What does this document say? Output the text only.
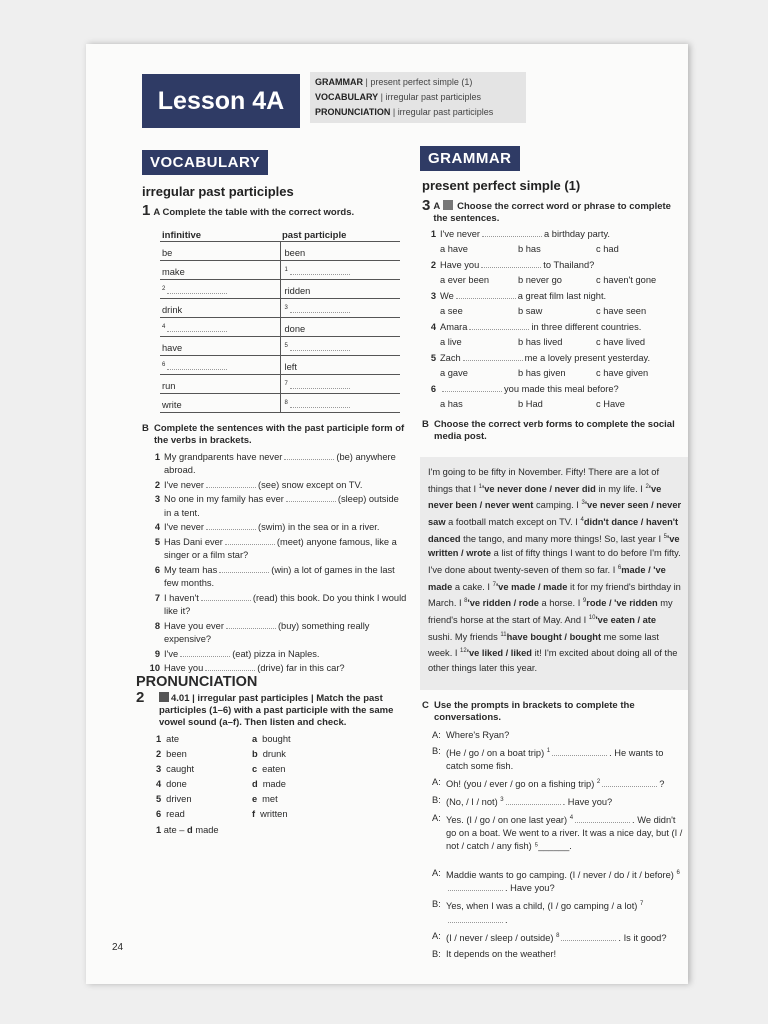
Lesson 4A
GRAMMAR | present perfect simple (1)
VOCABULARY | irregular past participles
PRONUNCIATION | irregular past participles
VOCABULARY
irregular past participles
1 A Complete the table with the correct words.
infinitive	past participle
be	been
make	$^1$
$^2$	ridden
drink	$^3$
$^4$	done
have	$^5$
$^6$	left
run	$^7$
write	$^8$
B Complete the sentences with the past participle form of the verbs in brackets.
1 My grandparents have never	(be) anywhere abroad.
2 I've never	(see) snow except on TV.
3 No one in my family has ever	(sleep) outside in a tent.
4 I've never	(swim) in the sea or in a river.
5 Has Dani ever	(meet) anyone famous, like a singer or a film star?
6 My team has	(win) a lot of games in the last few months.
7 I haven't	(read) this book. Do you think I would like it?
8 Have you ever	(buy) something really expensive?
9 I've	(eat) pizza in Naples.
10 Have you	(drive) far in this car?
PRONUNCIATION
2	4.01 | irregular past participles | Match the past participles (1–6) with a past participle with the same vowel sound (a–f). Then listen and check.
1 ate
2 been
3 caught
4 done
5 driven
6 read
a bought
b drunk
c eaten
d made
e met
f written
1 ate – d made
24
GRAMMAR
present perfect simple (1)
3 A Choose the correct word or phrase to complete the sentences.
1 I've never	a birthday party.
a have	b has	c had
2 Have you	to Thailand?
a ever been	b never go	c haven't gone
3 We	a great film last night.
a see	b saw	c have seen
4 Amara	in three different countries.
a live	b has lived	c have lived
5 Zach	me a lovely present yesterday.
a gave	b has given	c have given
6	you made this meal before?
a has	b Had	c Have
B Choose the correct verb forms to complete the social media post.
I'm going to be fifty in November. Fifty! There are a lot of things that I $^1$'ve never done / never did in my life. I $^2$'ve never been / never went camping. I $^3$'ve never seen / never saw a football match except on TV. I $^4$didn't dance / haven't danced the tango, and many more things! So, last year I $^5$'ve written / wrote a list of fifty things I want to do before I'm fifty. I've done about twenty-seven of them so far. I $^6$made / 've made a cake. I $^7$'ve made / made it for my friend's birthday in March. I $^8$'ve ridden / rode a horse. I $^9$rode / 've ridden my friend's horse at the start of May. And I $^{10}$'ve eaten / ate sushi. My friends $^{11}$have bought / bought me some last week. I $^{12}$'ve liked / liked it! I'm excited about doing all of the other things later this year.
C Use the prompts in brackets to complete the conversations.
A: Where's Ryan?
B: (He / go / on a boat trip) $^1$	. He wants to catch some fish.
A: Oh! (you / ever / go on a fishing trip) $^2$	?
B: (No, / I / not) $^3$	. Have you?
A: Yes. (I / go / on one last year) $^4$	. We didn't go on a boat. We went to a river. It was a nice day, but (I / not / catch / any fish) ⁵______.
A: Maddie wants to go camping. (I / never / do / it / before) $^6$. Have you?
B: Yes, when I was a child, (I / go camping / a lot) $^7$.
A: (I / never / sleep / outside) $^8$	. Is it good?
B: It depends on the weather!
